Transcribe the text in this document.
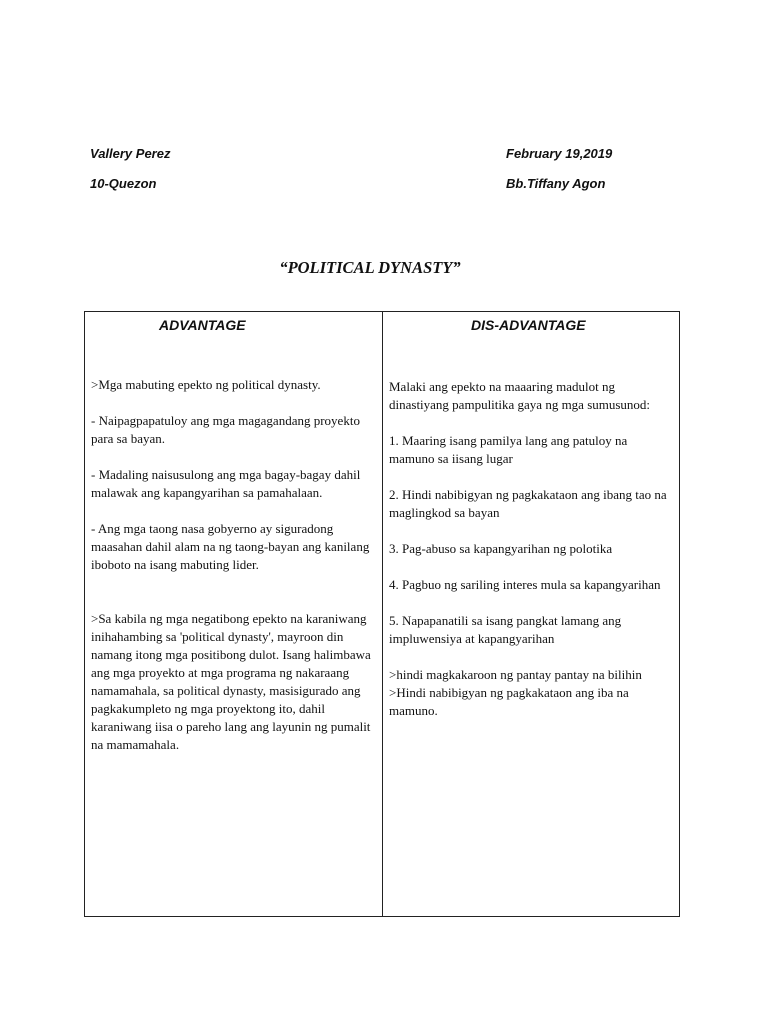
Vallery Perez	February 19,2019
10-Quezon	Bb.Tiffany Agon
“POLITICAL DYNASTY”
ADVANTAGE

>Mga mabuting epekto ng political dynasty.

- Naipagpapatuloy ang mga magagandang proyekto para sa bayan.

- Madaling naisusulong ang mga bagay-bagay dahil malawak ang kapangyarihan sa pamahalaan.

- Ang mga taong nasa gobyerno ay siguradong maasahan dahil alam na ng taong-bayan ang kanilang iboboto na isang mabuting lider.

>Sa kabila ng mga negatibong epekto na karaniwang inihahambing sa 'political dynasty', mayroon din namang itong mga positibong dulot. Isang halimbawa ang mga proyekto at mga programa ng nakaraang namamahala, sa political dynasty, masisigurado ang pagkakumpleto ng mga proyektong ito, dahil karaniwang iisa o pareho lang ang layunin ng pumalit na mamamahala.

DIS-ADVANTAGE

Malaki ang epekto na maaaring madulot ng dinastiyang pampulitika gaya ng mga sumusunod:

1. Maaring isang pamilya lang ang patuloy na mamuno sa iisang lugar

2. Hindi nabibigyan ng pagkakataon ang ibang tao na maglingkod sa bayan

3. Pag-abuso sa kapangyarihan ng polotika

4. Pagbuo ng sariling interes mula sa kapangyarihan

5. Napapanatili sa isang pangkat lamang ang impluwensiya at kapangyarihan

>hindi magkakaroon ng pantay pantay na bilihin

>Hindi nabibigyan ng pagkakataon ang iba na mamuno.
